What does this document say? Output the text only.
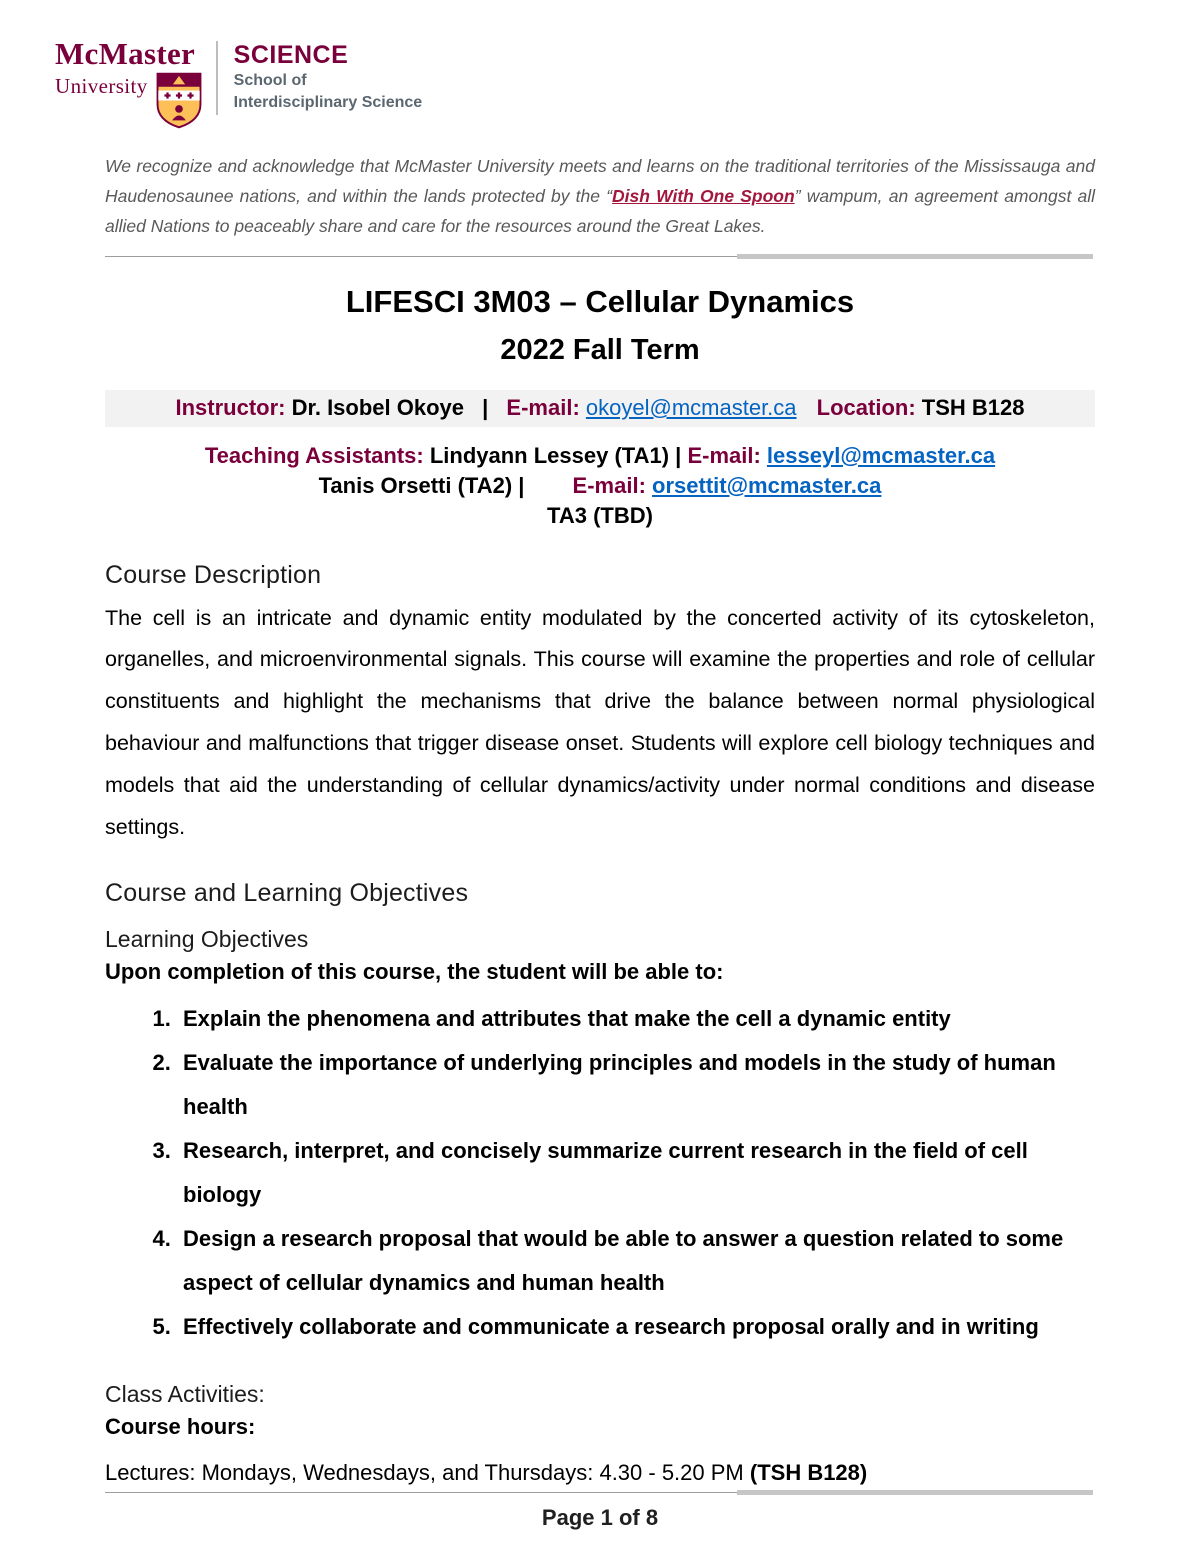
McMaster
University
SCIENCE
School of
Interdisciplinary Science

We recognize and acknowledge that McMaster University meets and learns on the traditional territories of the Mississauga and Haudenosaunee nations, and within the lands protected by the “Dish With One Spoon” wampum, an agreement amongst all allied Nations to peaceably share and care for the resources around the Great Lakes.

LIFESCI 3M03 – Cellular Dynamics
2022 Fall Term
Instructor: Dr. Isobel Okoye | E-mail: okoyel@mcmaster.ca Location: TSH B128
Teaching Assistants: Lindyann Lessey (TA1) | E-mail: lesseyl@mcmaster.ca
Tanis Orsetti (TA2) | E-mail: orsettit@mcmaster.ca
TA3 (TBD)
Course Description

The cell is an intricate and dynamic entity modulated by the concerted activity of its cytoskeleton, organelles, and microenvironmental signals. This course will examine the properties and role of cellular constituents and highlight the mechanisms that drive the balance between normal physiological behaviour and malfunctions that trigger disease onset. Students will explore cell biology techniques and models that aid the understanding of cellular dynamics/activity under normal conditions and disease settings.

Course and Learning Objectives
Learning Objectives

Upon completion of this course, the student will be able to:

1. Explain the phenomena and attributes that make the cell a dynamic entity
2. Evaluate the importance of underlying principles and models in the study of human health
3. Research, interpret, and concisely summarize current research in the field of cell biology
4. Design a research proposal that would be able to answer a question related to some aspect of cellular dynamics and human health
5. Effectively collaborate and communicate a research proposal orally and in writing
Class Activities:

Course hours:

Lectures: Mondays, Wednesdays, and Thursdays: 4.30 - 5.20 PM (TSH B128)

Page 1 of 8
